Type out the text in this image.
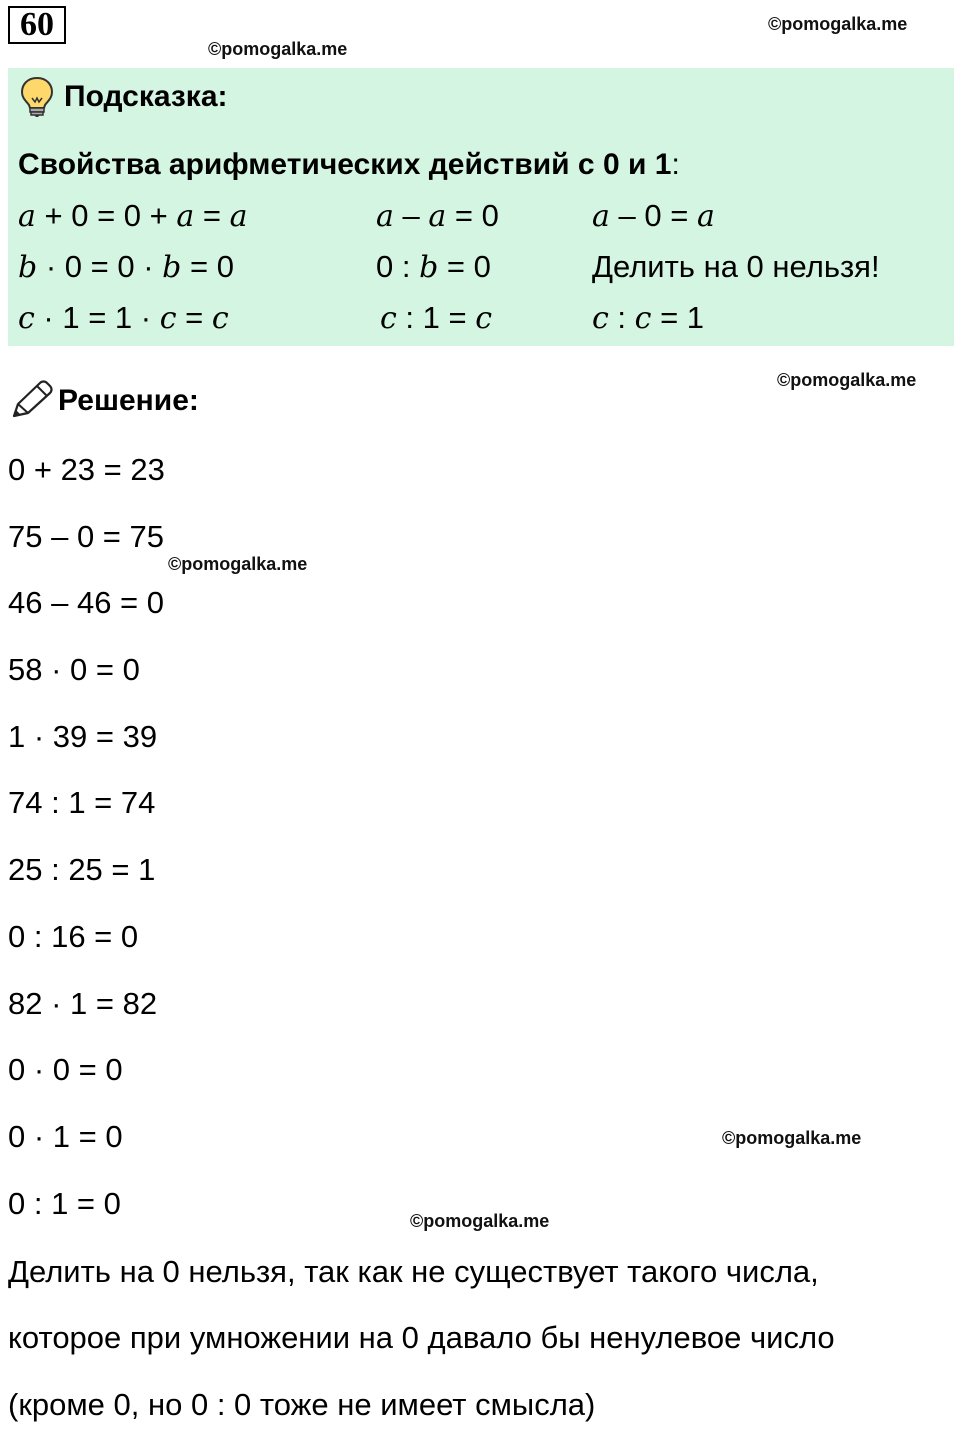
60	©pomogalka.me
©pomogalka.me
Подсказка:
Свойства арифметических действий с 0 и 1:
a + 0 = 0 + a = a	a – a = 0	a – 0 = a
b · 0 = 0 · b = 0	0 : b = 0	Делить на 0 нельзя!
c · 1 = 1 · c = c	c : 1 = c	c : c = 1
©pomogalka.me
Решение:
0 + 23 = 23
75 – 0 = 75
©pomogalka.me
46 – 46 = 0
58 · 0 = 0
1 · 39 = 39
74 : 1 = 74
25 : 25 = 1
0 : 16 = 0
82 · 1 = 82
0 · 0 = 0
0 · 1 = 0	©pomogalka.me
0 : 1 = 0	©pomogalka.me
Делить на 0 нельзя, так как не существует такого числа,
которое при умножении на 0 давало бы ненулевое число
(кроме 0, но 0 : 0 тоже не имеет смысла)
